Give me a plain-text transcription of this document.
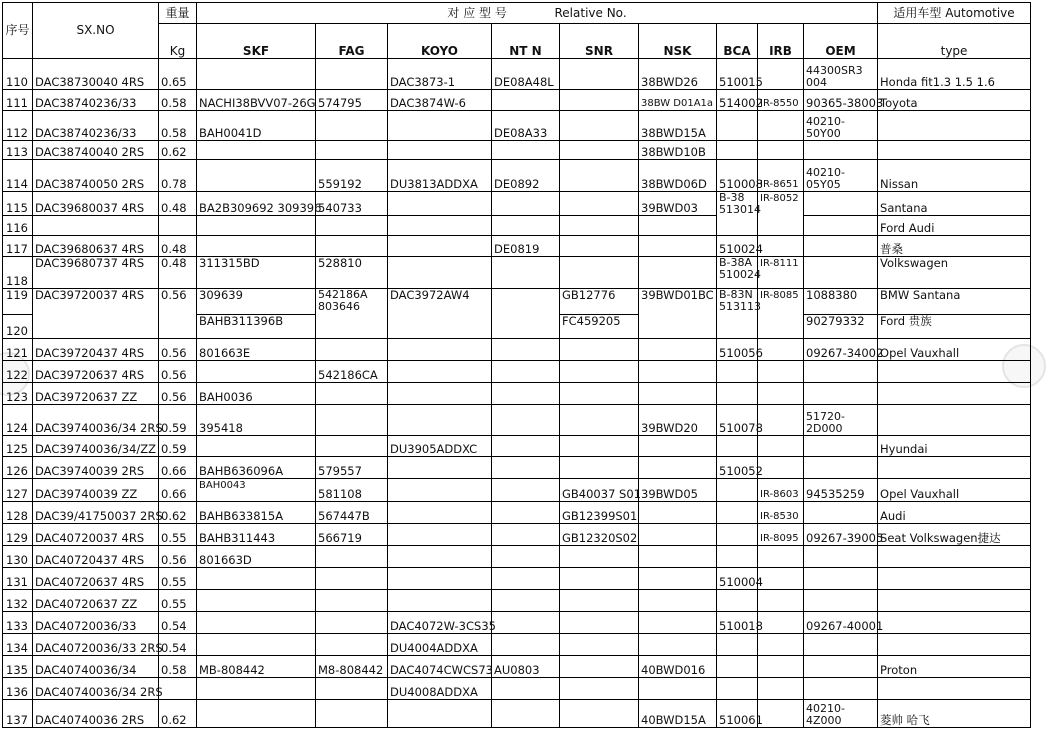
序号	SX.NO	重量	对 应 型 号 Relative No.									适用车型 Automotive
		Kg	SKF	FAG	KOYO	NT N	SNR	NSK	BCA	IRB	OEM	type
110	DAC38730040 4RS	0.65			DAC3873-1	DE08A48L		38BWD26	510015		44300SR3 004	Honda fit1.3 1.5 1.6
111	DAC38740236/33	0.58	NACHI38BVV07-26G	574795	DAC3874W-6			38BW D01A1a	514002	IR-8550	90365-38003	Toyota
112	DAC38740236/33	0.58	BAH0041D			DE08A33		38BWD15A			40210-50Y00	
113	DAC38740040 2RS	0.62						38BWD10B				
114	DAC38740050 2RS	0.78		559192	DU3813ADDXA	DE0892		38BWD06D	510008	IR-8651	40210-05Y05	Nissan
115	DAC39680037 4RS	0.48	BA2B309692 309396	540733				39BWD03	B-38 513014	IR-8052		Santana
116												Ford Audi
117	DAC39680637 4RS	0.48				DE0819			510024			普桑
118	DAC39680737 4RS	0.48	311315BD	528810					B-38A 510024	IR-8111		Volkswagen
119	DAC39720037 4RS	0.56	309639	542186A 803646	DAC3972AW4		GB12776	39BWD01BC	B-83N 513113	IR-8085	1088380	BMW Santana
120			BAHB311396B				FC459205				90279332	Ford 贵族
121	DAC39720437 4RS	0.56	801663E						510056		09267-34002	Opel Vauxhall
122	DAC39720637 4RS	0.56		542186CA								
123	DAC39720637 ZZ	0.56	BAH0036									
124	DAC39740036/34 2RS	0.59	395418					39BWD20	510078		51720-2D000	
125	DAC39740036/34/ZZ	0.59			DU3905ADDXC							Hyundai
126	DAC39740039 2RS	0.66	BAHB636096A	579557					510052			
127	DAC39740039 ZZ	0.66	BAH0043	581108			GB40037 S01	39BWD05		IR-8603	94535259	Opel Vauxhall
128	DAC39/41750037 2RS	0.62	BAHB633815A	567447B			GB12399S01			IR-8530		Audi
129	DAC40720037 4RS	0.55	BAHB311443	566719			GB12320S02			IR-8095	09267-39005	Seat Volkswagen捷达
130	DAC40720437 4RS	0.56	801663D									
131	DAC40720637 4RS	0.55							510004			
132	DAC40720637 ZZ	0.55										
133	DAC40720036/33	0.54			DAC4072W-3CS35				510018		09267-40001	
134	DAC40720036/33 2RS	0.54			DU4004ADDXA							
135	DAC40740036/34	0.58	MB-808442	M8-808442	DAC4074CWCS73	AU0803		40BWD016				Proton
136	DAC40740036/34 2RS				DU4008ADDXA							
137	DAC40740036 2RS	0.62						40BWD15A	510061		40210-4Z000	菱帅 哈飞
